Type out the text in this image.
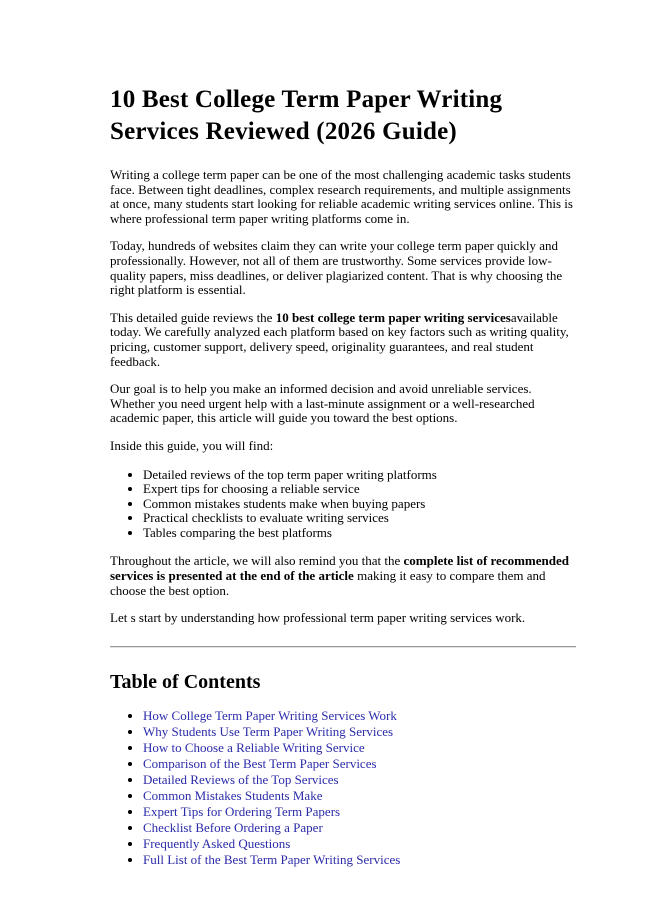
10 Best College Term Paper Writing Services Reviewed (2026 Guide)

Writing a college term paper can be one of the most challenging academic tasks students face. Between tight deadlines, complex research requirements, and multiple assignments at once, many students start looking for reliable academic writing services online. This is where professional term paper writing platforms come in.

Today, hundreds of websites claim they can write your college term paper quickly and professionally. However, not all of them are trustworthy. Some services provide low-quality papers, miss deadlines, or deliver plagiarized content. That is why choosing the right platform is essential.

This detailed guide reviews the 10 best college term paper writing servicesavailable today. We carefully analyzed each platform based on key factors such as writing quality, pricing, customer support, delivery speed, originality guarantees, and real student feedback.

Our goal is to help you make an informed decision and avoid unreliable services. Whether you need urgent help with a last-minute assignment or a well-researched academic paper, this article will guide you toward the best options.

Inside this guide, you will find:

• Detailed reviews of the top term paper writing platforms
• Expert tips for choosing a reliable service
• Common mistakes students make when buying papers
• Practical checklists to evaluate writing services
• Tables comparing the best platforms

Throughout the article, we will also remind you that the complete list of recommended services is presented at the end of the article making it easy to compare them and choose the best option.

Let s start by understanding how professional term paper writing services work.

Table of Contents
• How College Term Paper Writing Services Work
• Why Students Use Term Paper Writing Services
• How to Choose a Reliable Writing Service
• Comparison of the Best Term Paper Services
• Detailed Reviews of the Top Services
• Common Mistakes Students Make
• Expert Tips for Ordering Term Papers
• Checklist Before Ordering a Paper
• Frequently Asked Questions
• Full List of the Best Term Paper Writing Services
